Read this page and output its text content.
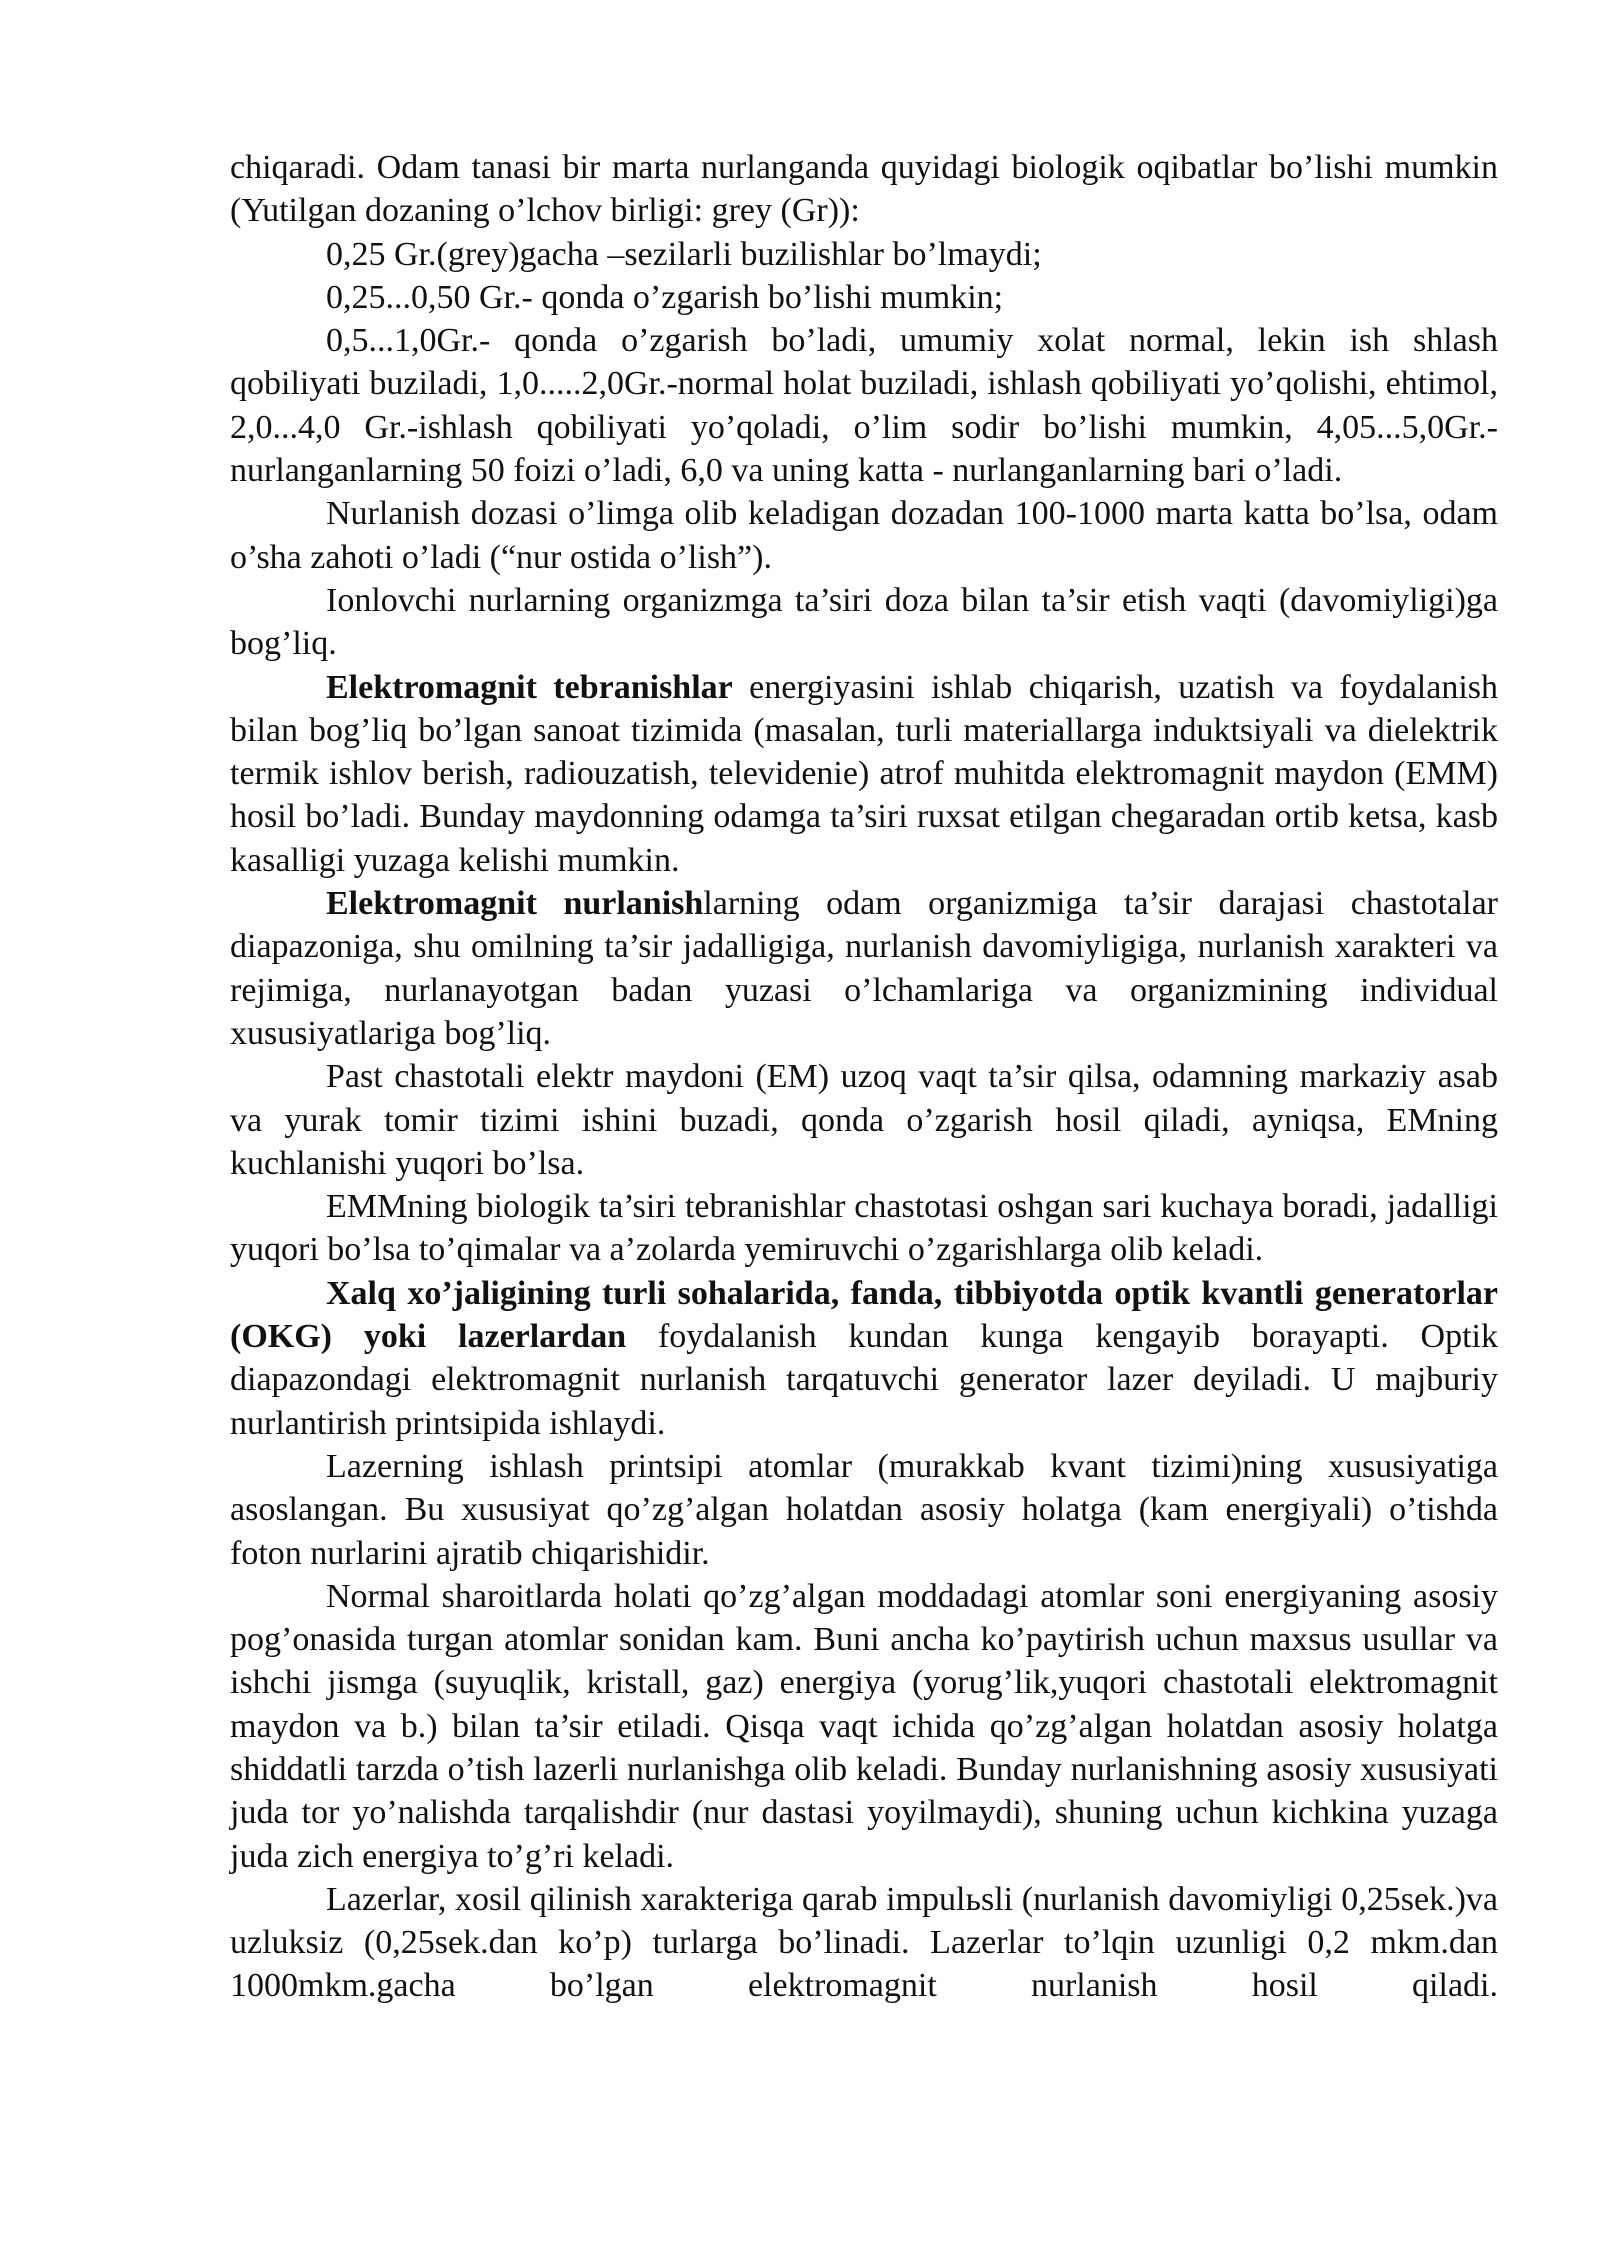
chiqaradi. Odam tanasi bir marta nurlanganda quyidagi biologik oqibatlar bo’lishi mumkin (Yutilgan dozaning o’lchov birligi: grey (Gr)):

0,25 Gr.(grey)gacha –sezilarli buzilishlar bo’lmaydi;
0,25...0,50 Gr.- qonda o’zgarish bo’lishi mumkin;

0,5...1,0Gr.- qonda o’zgarish bo’ladi, umumiy xolat normal, lekin ish shlash qobiliyati buziladi, 1,0.....2,0Gr.-normal holat buziladi, ishlash qobiliyati yo’qolishi, ehtimol, 2,0...4,0 Gr.-ishlash qobiliyati yo’qoladi, o’lim sodir bo’lishi mumkin, 4,05...5,0Gr.- nurlanganlarning 50 foizi o’ladi, 6,0 va uning katta - nurlanganlarning bari o’ladi.

Nurlanish dozasi o’limga olib keladigan dozadan 100-1000 marta katta bo’lsa, odam o’sha zahoti o’ladi (“nur ostida o’lish”).

Ionlovchi nurlarning organizmga ta’siri doza bilan ta’sir etish vaqti (davomiyligi)ga bog’liq.

Elektromagnit tebranishlar energiyasini ishlab chiqarish, uzatish va foydalanish bilan bog’liq bo’lgan sanoat tizimida (masalan, turli materiallarga induktsiyali va dielektrik termik ishlov berish, radiouzatish, televidenie) atrof muhitda elektromagnit maydon (EMM) hosil bo’ladi. Bunday maydonning odamga ta’siri ruxsat etilgan chegaradan ortib ketsa, kasb kasalligi yuzaga kelishi mumkin.

Elektromagnit nurlanishlarning odam organizmiga ta’sir darajasi chastotalar diapazoniga, shu omilning ta’sir jadalligiga, nurlanish davomiyligiga, nurlanish xarakteri va rejimiga, nurlanayotgan badan yuzasi o’lchamlariga va organizmining individual xususiyatlariga bog’liq.

Past chastotali elektr maydoni (EM) uzoq vaqt ta’sir qilsa, odamning markaziy asab va yurak tomir tizimi ishini buzadi, qonda o’zgarish hosil qiladi, ayniqsa, EMning kuchlanishi yuqori bo’lsa.

EMMning biologik ta’siri tebranishlar chastotasi oshgan sari kuchaya boradi, jadalligi yuqori bo’lsa to’qimalar va a’zolarda yemiruvchi o’zgarishlarga olib keladi.

Xalq xo’jaligining turli sohalarida, fanda, tibbiyotda optik kvantli generatorlar (OKG) yoki lazerlardan foydalanish kundan kunga kengayib borayapti. Optik diapazondagi elektromagnit nurlanish tarqatuvchi generator lazer deyiladi. U majburiy nurlantirish printsipida ishlaydi.

Lazerning ishlash printsipi atomlar (murakkab kvant tizimi)ning xususiyatiga asoslangan. Bu xususiyat qo’zg’algan holatdan asosiy holatga (kam energiyali) o’tishda foton nurlarini ajratib chiqarishidir.

Normal sharoitlarda holati qo’zg’algan moddadagi atomlar soni energiyaning asosiy pog’onasida turgan atomlar sonidan kam. Buni ancha ko’paytirish uchun maxsus usullar va ishchi jismga (suyuqlik, kristall, gaz) energiya (yorug’lik,yuqori chastotali elektromagnit maydon va b.) bilan ta’sir etiladi. Qisqa vaqt ichida qo’zg’algan holatdan asosiy holatga shiddatli tarzda o’tish lazerli nurlanishga olib keladi. Bunday nurlanishning asosiy xususiyati juda tor yo’nalishda tarqalishdir (nur dastasi yoyilmaydi), shuning uchun kichkina yuzaga juda zich energiya to’g’ri keladi.

Lazerlar, xosil qilinish xarakteriga qarab impulьsli (nurlanish davomiyligi 0,25sek.)va uzluksiz (0,25sek.dan ko’p) turlarga bo’linadi. Lazerlar to’lqin uzunligi 0,2 mkm.dan 1000mkm.gacha bo’lgan elektromagnit nurlanish hosil qiladi.
